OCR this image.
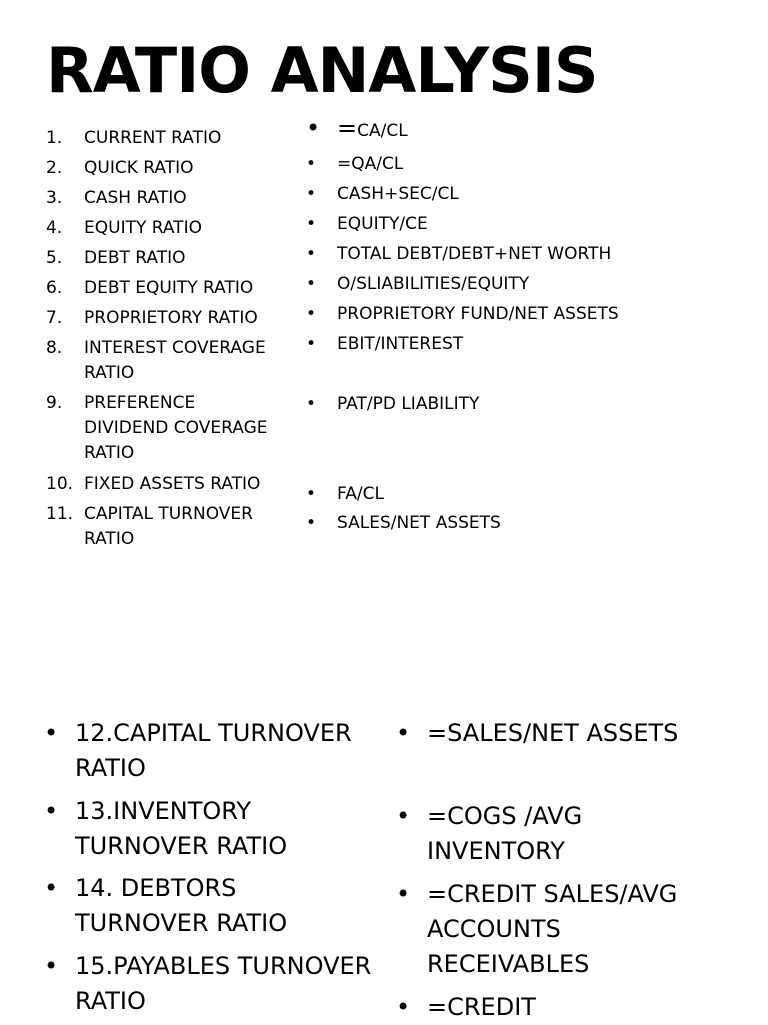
RATIO ANALYSIS
1. CURRENT RATIO
2. QUICK RATIO
3. CASH RATIO
4. EQUITY RATIO
5. DEBT RATIO
6. DEBT EQUITY RATIO
7. PROPRIETORY RATIO
8. INTEREST COVERAGE RATIO
9. PREFERENCE DIVIDEND COVERAGE RATIO
10. FIXED ASSETS RATIO
11. CAPITAL TURNOVER RATIO
• =CA/CL
• =QA/CL
• CASH+SEC/CL
• EQUITY/CE
• TOTAL DEBT/DEBT+NET WORTH
• O/SLIABILITIES/EQUITY
• PROPRIETORY FUND/NET ASSETS
• EBIT/INTEREST
• PAT/PD LIABILITY
• FA/CL
• SALES/NET ASSETS
• 12.CAPITAL TURNOVER RATIO
• 13.INVENTORY TURNOVER RATIO
• 14. DEBTORS TURNOVER RATIO
• 15.PAYABLES TURNOVER RATIO
• =SALES/NET ASSETS
• =COGS /AVG INVENTORY
• =CREDIT SALES/AVG ACCOUNTS RECEIVABLES
• =CREDIT
